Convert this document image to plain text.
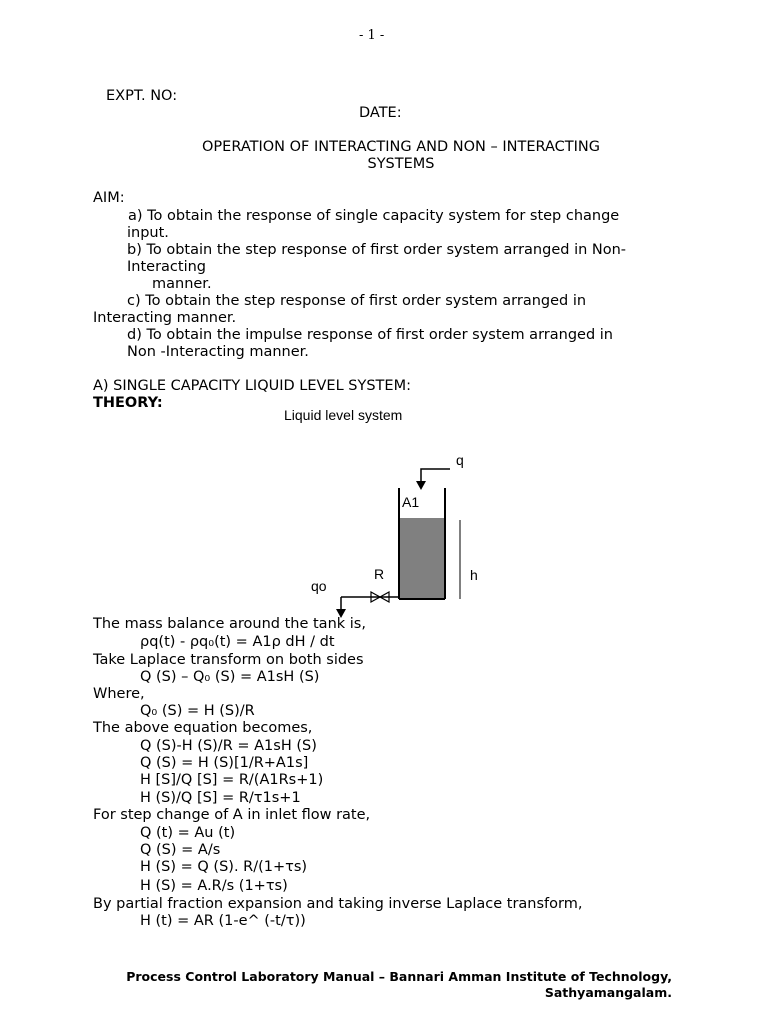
- 1 -
EXPT. NO:
DATE:
OPERATION OF INTERACTING AND NON – INTERACTING
SYSTEMS
AIM:
a) To obtain the response of single capacity system for step change
input.
b) To obtain the step response of first order system arranged in Non-
Interacting
manner.
c) To obtain the step response of first order system arranged in
Interacting manner.
d) To obtain the impulse response of first order system arranged in
Non -Interacting manner.
A) SINGLE CAPACITY LIQUID LEVEL SYSTEM:
THEORY:
Liquid level system
q
A1
R	h
qo
The mass balance around the tank is,
ρq(t) - ρq₀(t) = A1ρ dH / dt
Take Laplace transform on both sides
Q (S) – Q₀ (S) = A1sH (S)
Where,
Q₀ (S) = H (S)/R
The above equation becomes,
Q (S)-H (S)/R = A1sH (S)
Q (S) = H (S)[1/R+A1s]
H [S]/Q [S] = R/(A1Rs+1)
H (S)/Q [S] = R/τ1s+1
For step change of A in inlet flow rate,
Q (t) = Au (t)
Q (S) = A/s
H (S) = Q (S). R/(1+τs)
H (S) = A.R/s (1+τs)
By partial fraction expansion and taking inverse Laplace transform,
H (t) = AR (1-e^ (-t/τ))
Process Control Laboratory Manual – Bannari Amman Institute of Technology,
Sathyamangalam.
